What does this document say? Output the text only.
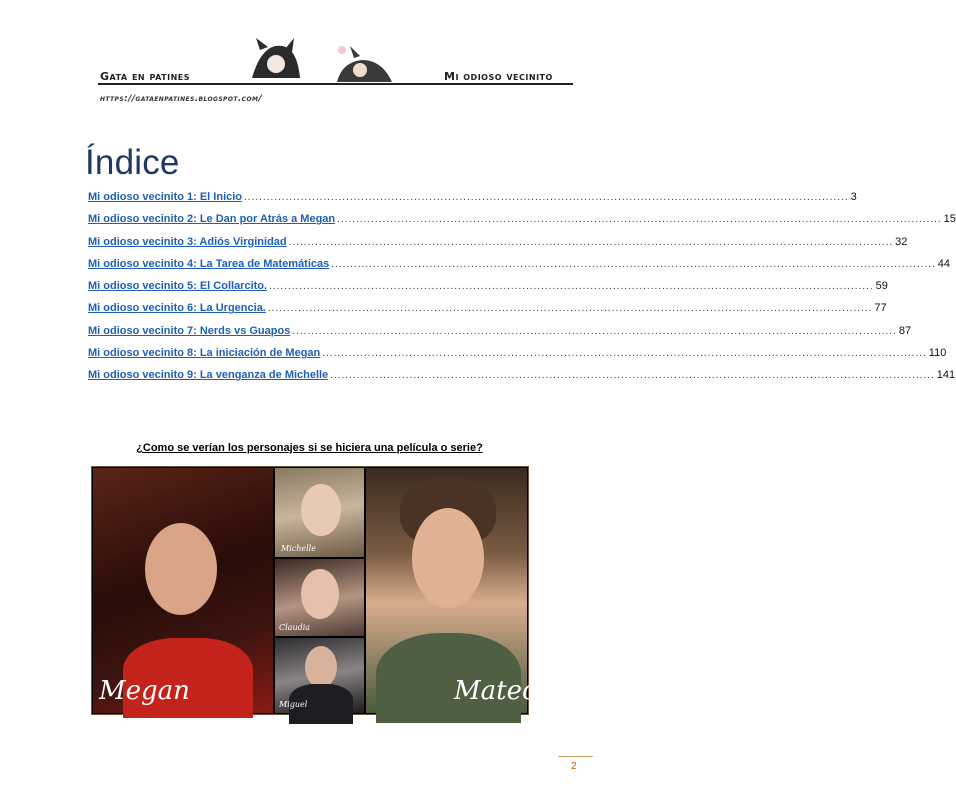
Gata en patines	Mi odioso vecinito
https://gataenpatines.blogspot.com/
Índice
Mi odioso vecinito 1: El Inicio .....	3
Mi odioso vecinito 2: Le Dan por Atrás a Megan .....	15
Mi odioso vecinito 3: Adiós Virginidad .....	32
Mi odioso vecinito 4: La Tarea de Matemáticas .....	44
Mi odioso vecinito 5: El Collarcito. .....	59
Mi odioso vecinito 6: La Urgencia. .....	77
Mi odioso vecinito 7: Nerds vs Guapos .....	87
Mi odioso vecinito 8: La iniciación de Megan .....	110
Mi odioso vecinito 9: La venganza de Michelle .....	141
¿Como se verían los personajes si se hiciera una película o serie?
Megan
Michelle
Claudia
Miguel	Mateo
2
